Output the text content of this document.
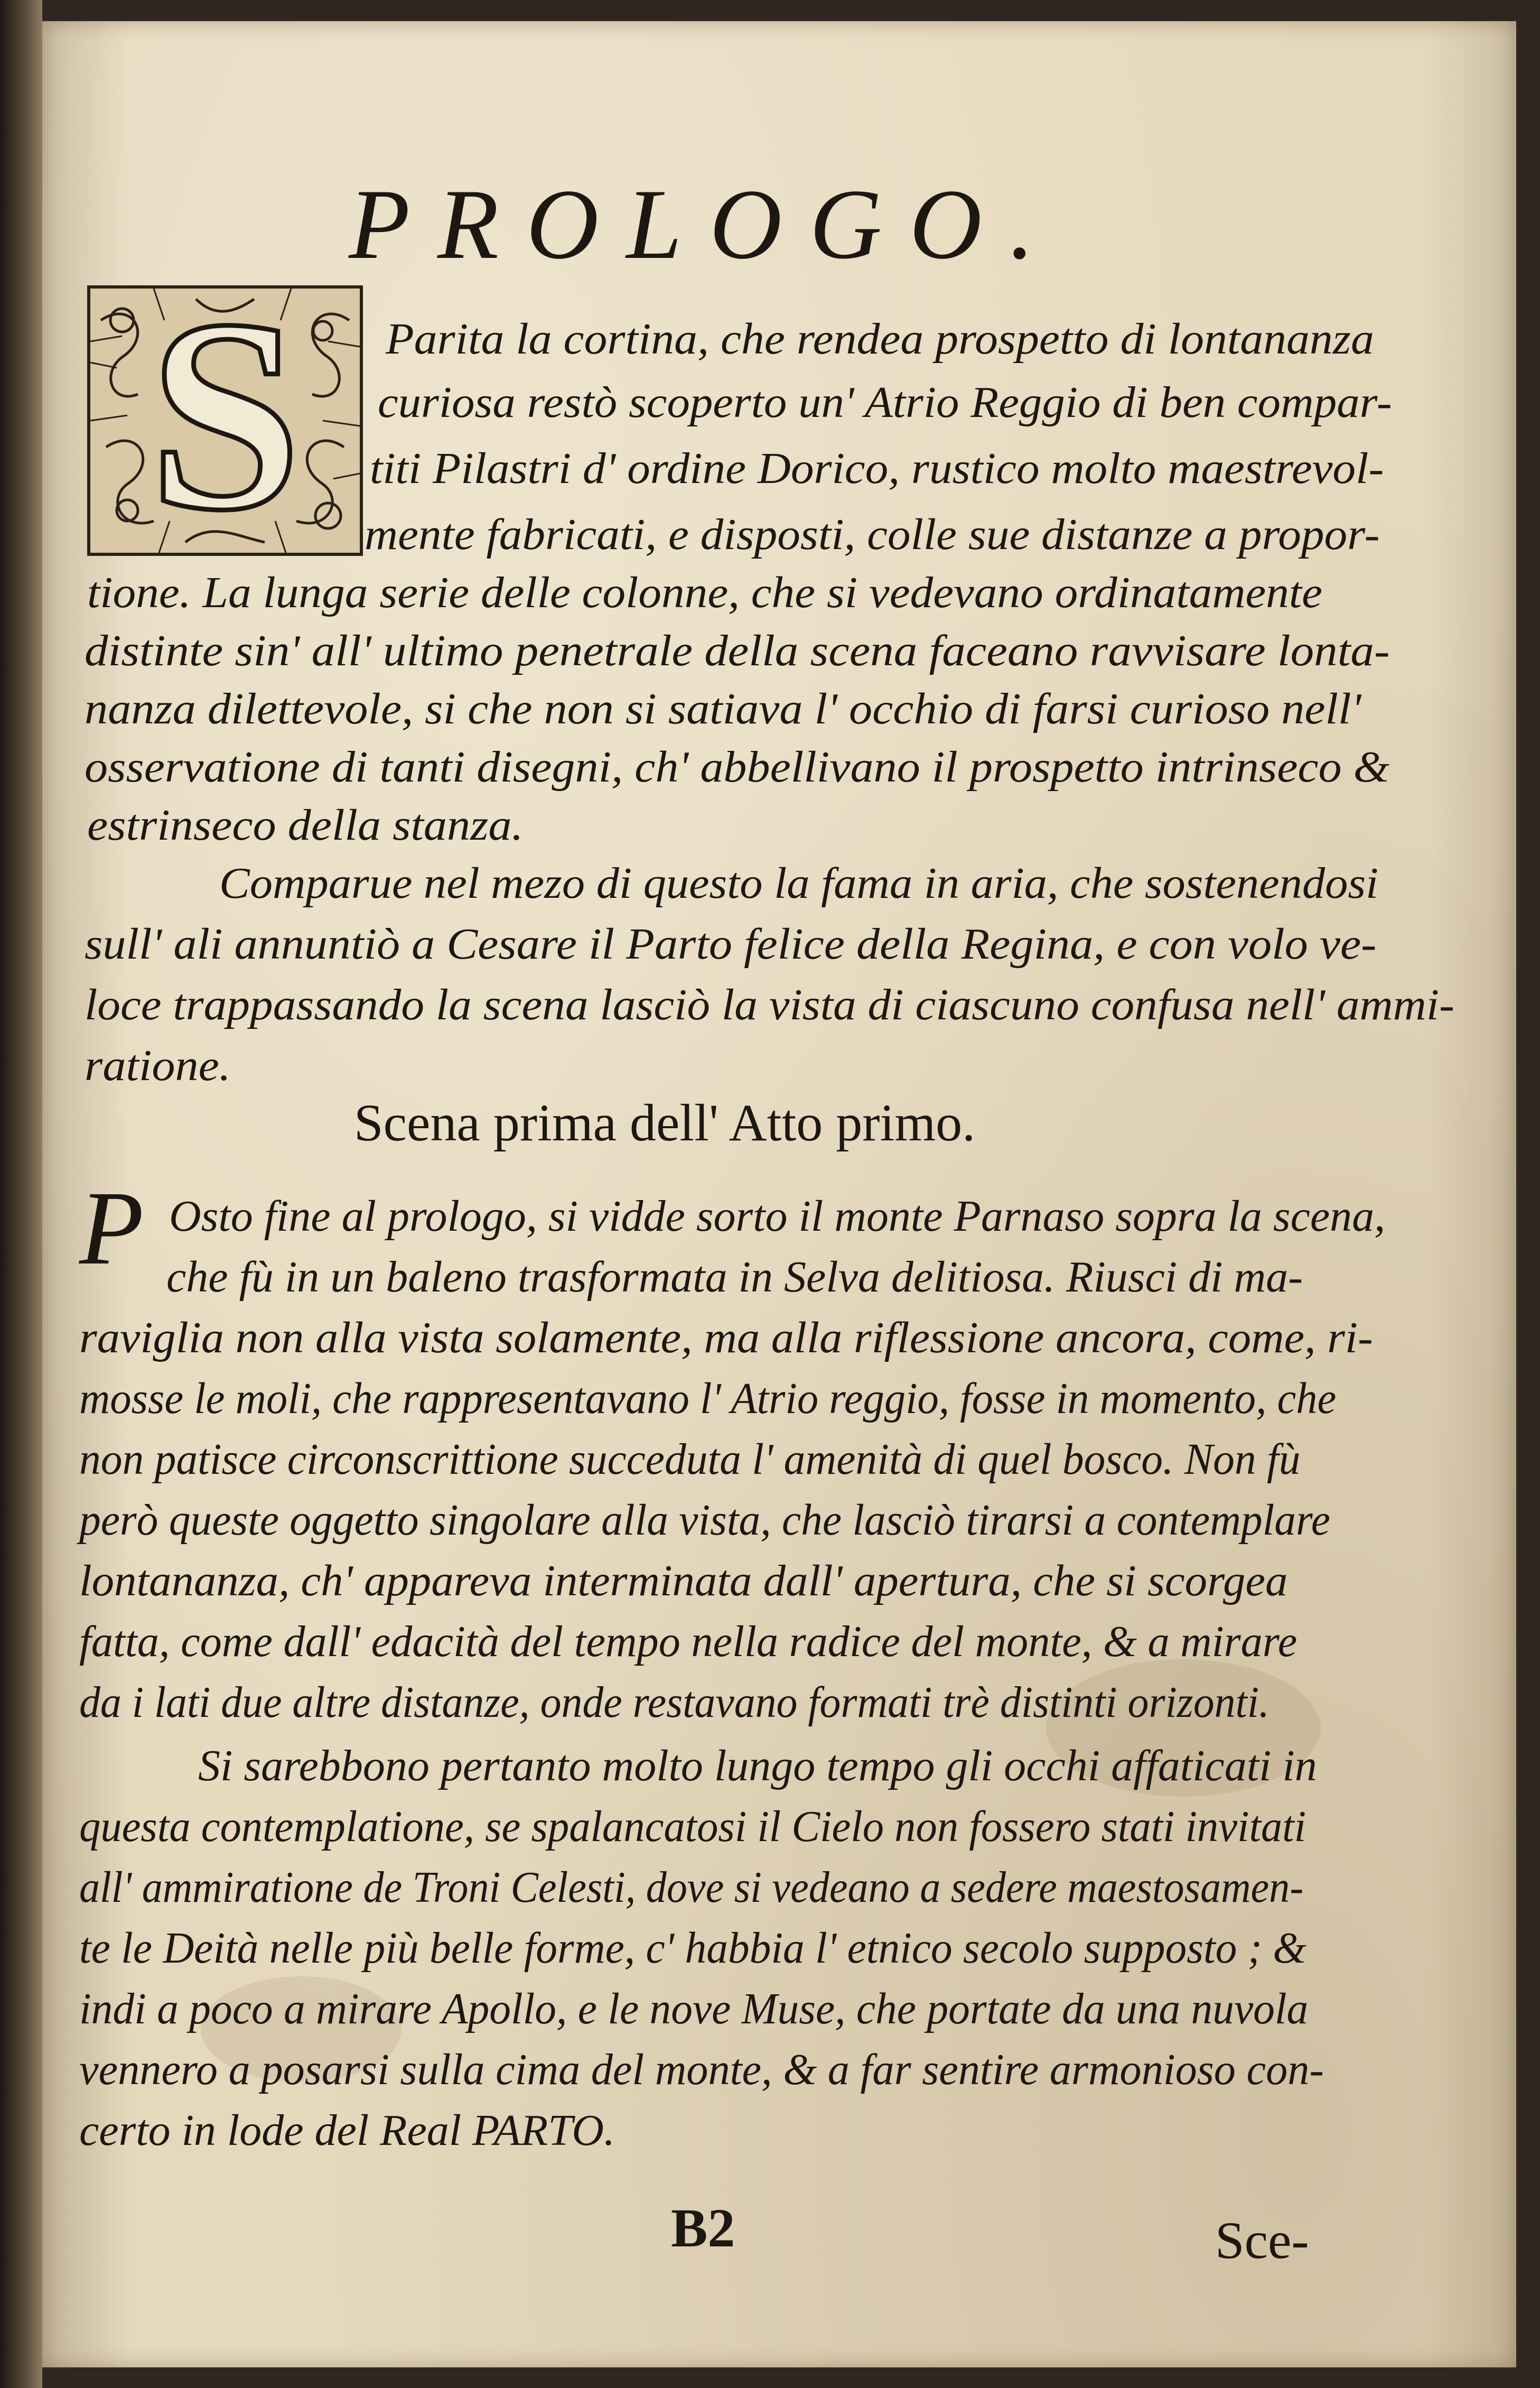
PROLOGO.
S	Parita la cortina, che rendea prospetto di lontananza
curiosa restò scoperto un' Atrio Reggio di ben compar-
titi Pilastri d' ordine Dorico, rustico molto maestrevol-
mente fabricati, e disposti, colle sue distanze a propor-
tione. La lunga serie delle colonne, che si vedevano ordinatamente
distinte sin' all' ultimo penetrale della scena faceano ravvisare lonta-
nanza dilettevole, si che non si satiava l' occhio di farsi curioso nell'
osservatione di tanti disegni, ch' abbellivano il prospetto intrinseco &
estrinseco della stanza.
Comparue nel mezo di questo la fama in aria, che sostenendosi
sull' ali annuntiò a Cesare il Parto felice della Regina, e con volo ve-
loce trappassando la scena lasciò la vista di ciascuno confusa nell' ammi-
ratione.
Scena prima dell' Atto primo.
P Osto fine al prologo, si vidde sorto il monte Parnaso sopra la scena,
che fù in un baleno trasformata in Selva delitiosa. Riusci di ma-
raviglia non alla vista solamente, ma alla riflessione ancora, come, ri-
mosse le moli, che rappresentavano l' Atrio reggio, fosse in momento, che
non patisce circonscrittione succeduta l' amenità di quel bosco. Non fù
però queste oggetto singolare alla vista, che lasciò tirarsi a contemplare
lontananza, ch' appareva interminata dall' apertura, che si scorgea
fatta, come dall' edacità del tempo nella radice del monte, & a mirare
da i lati due altre distanze, onde restavano formati trè distinti orizonti.
Si sarebbono pertanto molto lungo tempo gli occhi affaticati in
questa contemplatione, se spalancatosi il Cielo non fossero stati invitati
all' ammiratione de Troni Celesti, dove si vedeano a sedere maestosamen-
te le Deità nelle più belle forme, c' habbia l' etnico secolo supposto ; &
indi a poco a mirare Apollo, e le nove Muse, che portate da una nuvola
vennero a posarsi sulla cima del monte, & a far sentire armonioso con-
certo in lode del Real PARTO.
B2	Sce-
